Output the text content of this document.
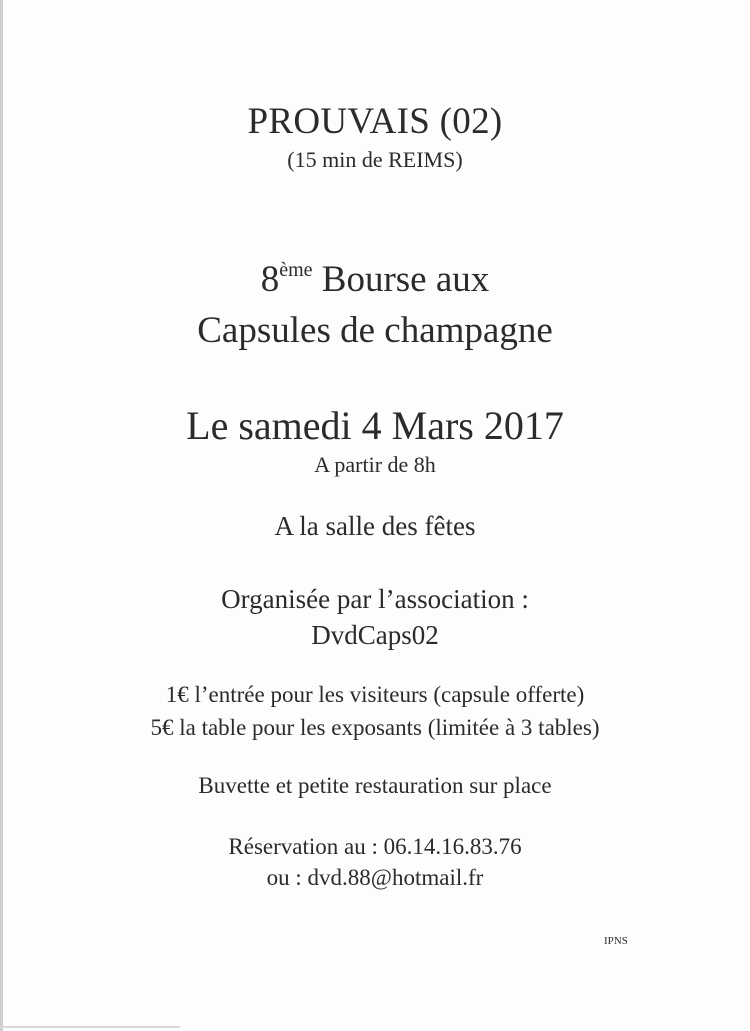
PROUVAIS (02)
(15 min de REIMS)
8ème Bourse aux
Capsules de champagne
Le samedi 4 Mars 2017
A partir de 8h
A la salle des fêtes
Organisée par l’association :
DvdCaps02
1€ l’entrée pour les visiteurs (capsule offerte)
5€ la table pour les exposants (limitée à 3 tables)
Buvette et petite restauration sur place
Réservation au : 06.14.16.83.76
ou : dvd.88@hotmail.fr
IPNS
